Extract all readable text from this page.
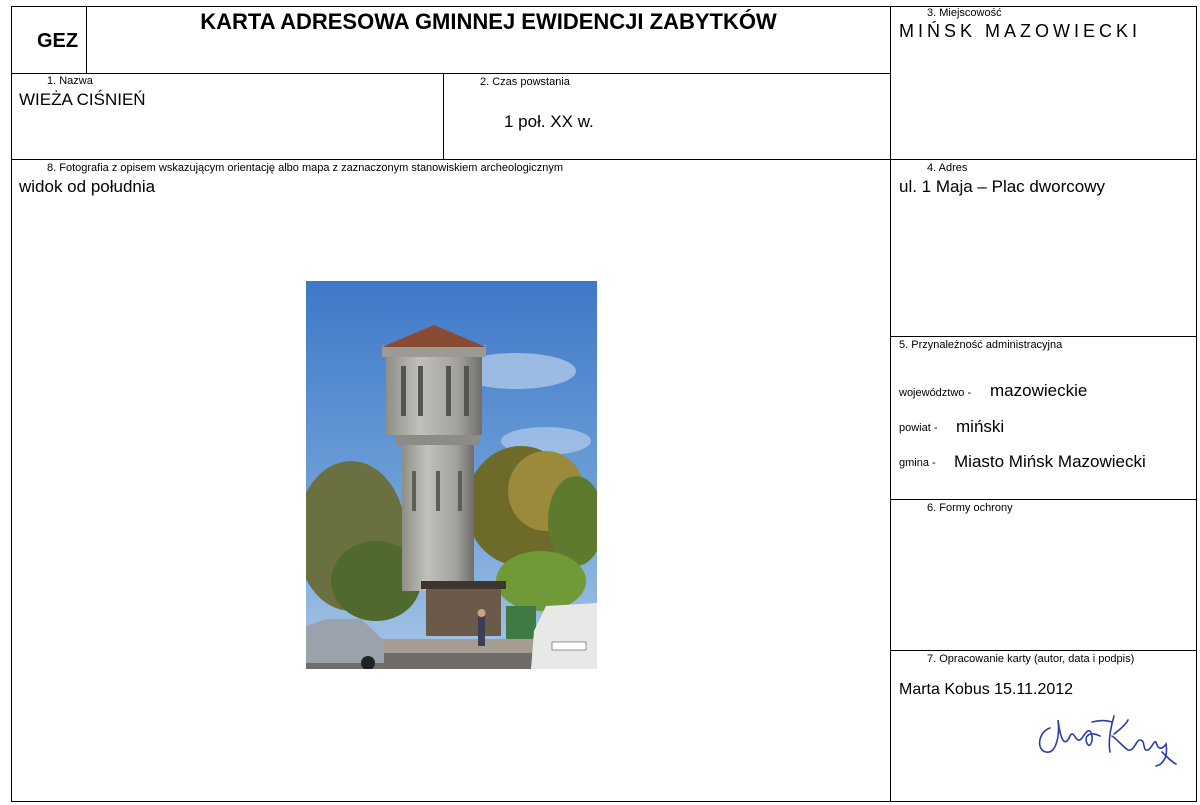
GEZ
KARTA ADRESOWA GMINNEJ EWIDENCJI ZABYTKÓW	3. Miejscowość
MIŃSK MAZOWIECKI
1. Nazwa
WIEŻA CIŚNIEŃ
2. Czas powstania
1 poł. XX w.
8. Fotografia z opisem wskazującym orientację albo mapa z zaznaczonym stanowiskiem archeologicznym
widok od południa
4. Adres
ul. 1 Maja – Plac dworcowy
5. Przynależność administracyjna
województwo - mazowieckie
powiat - miński
gmina - Miasto Mińsk Mazowiecki
6. Formy ochrony
7. Opracowanie karty (autor, data i podpis)
Marta Kobus 15.11.2012
